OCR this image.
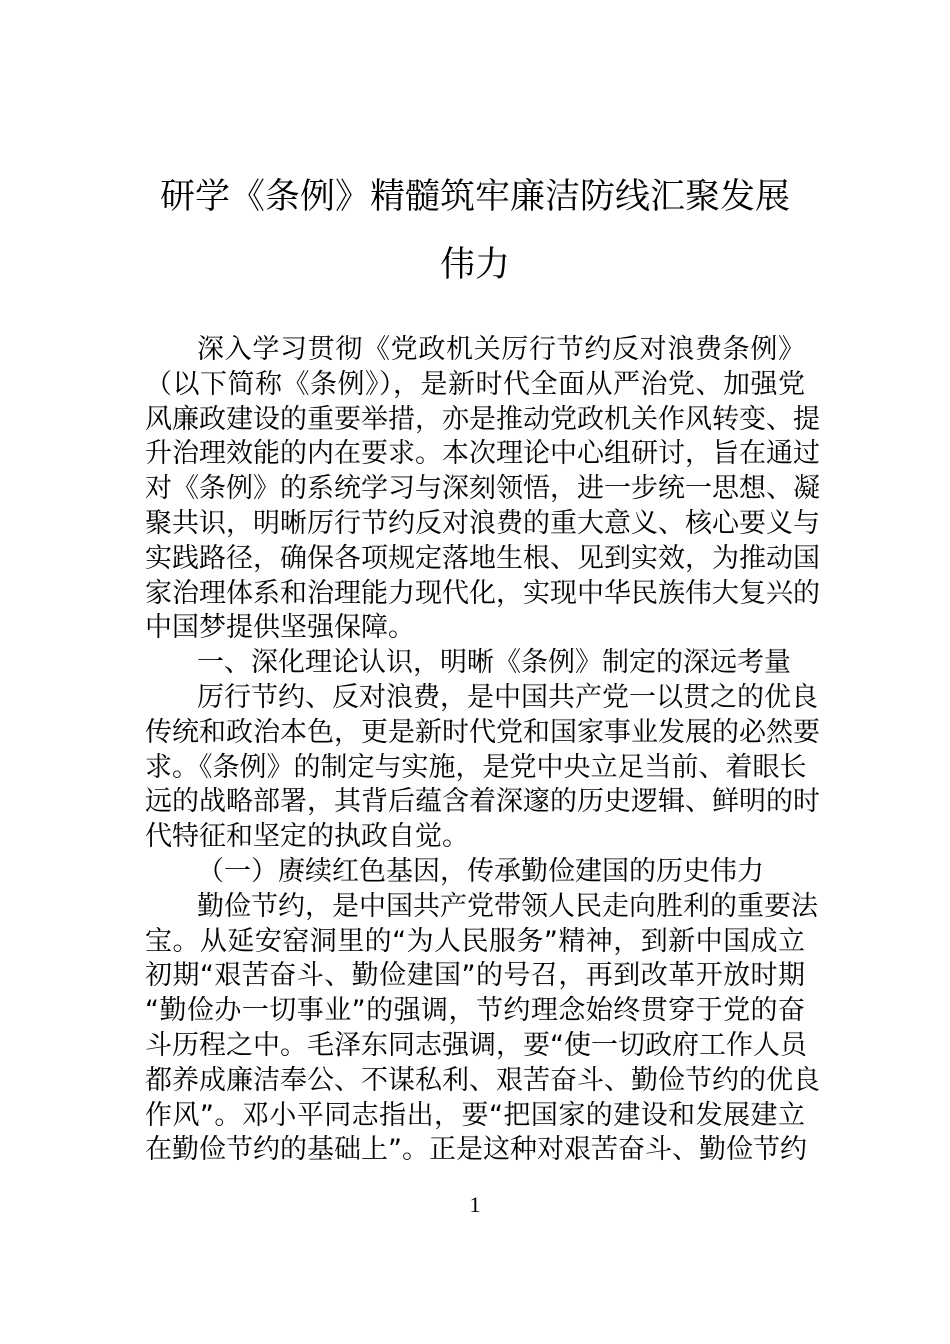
研学《条例》精髓筑牢廉洁防线汇聚发展
伟力
深入学习贯彻《党政机关厉行节约反对浪费条例》
（以下简称《条例》），是新时代全面从严治党、加强党
风廉政建设的重要举措，亦是推动党政机关作风转变、提
升治理效能的内在要求。本次理论中心组研讨，旨在通过
对《条例》的系统学习与深刻领悟，进一步统一思想、凝
聚共识，明晰厉行节约反对浪费的重大意义、核心要义与
实践路径，确保各项规定落地生根、见到实效，为推动国
家治理体系和治理能力现代化，实现中华民族伟大复兴的
中国梦提供坚强保障。
一、深化理论认识，明晰《条例》制定的深远考量
厉行节约、反对浪费，是中国共产党一以贯之的优良
传统和政治本色，更是新时代党和国家事业发展的必然要
求。《条例》的制定与实施，是党中央立足当前、着眼长
远的战略部署，其背后蕴含着深邃的历史逻辑、鲜明的时
代特征和坚定的执政自觉。
（一）赓续红色基因，传承勤俭建国的历史伟力
勤俭节约，是中国共产党带领人民走向胜利的重要法
宝。从延安窑洞里的“为人民服务”精神，到新中国成立
初期“艰苦奋斗、勤俭建国”的号召，再到改革开放时期
“勤俭办一切事业”的强调，节约理念始终贯穿于党的奋
斗历程之中。毛泽东同志强调，要“使一切政府工作人员
都养成廉洁奉公、不谋私利、艰苦奋斗、勤俭节约的优良
作风”。邓小平同志指出，要“把国家的建设和发展建立
在勤俭节约的基础上”。正是这种对艰苦奋斗、勤俭节约
1
